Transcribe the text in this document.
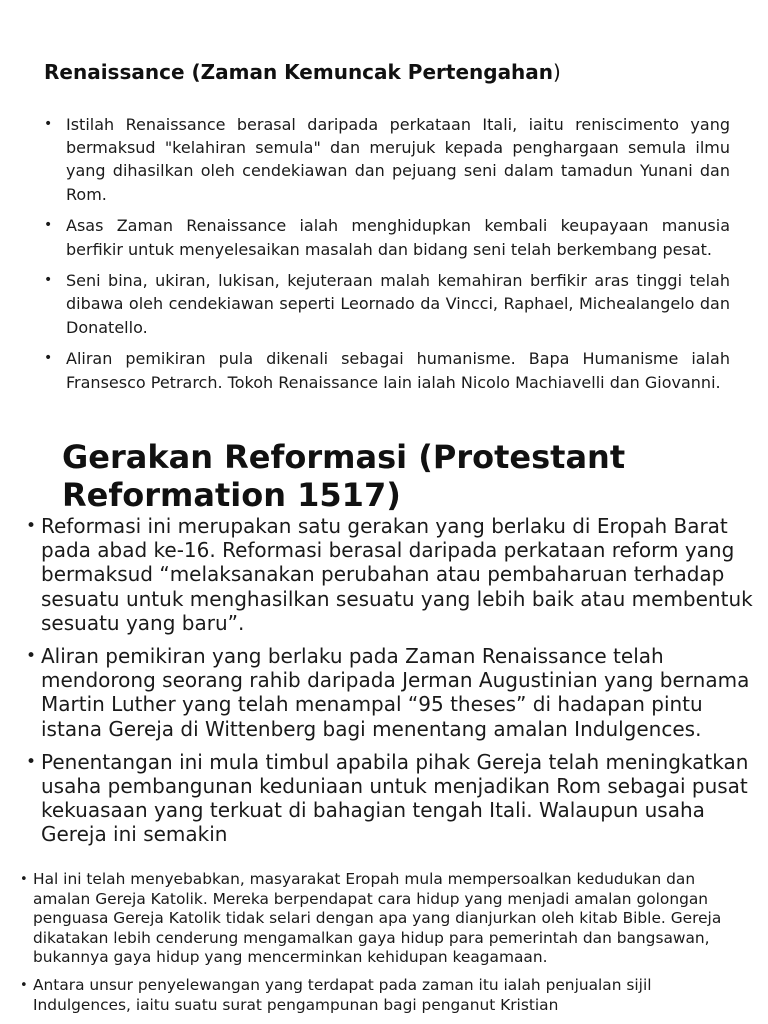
Renaissance (Zaman Kemuncak Pertengahan)
• Istilah Renaissance berasal daripada perkataan Itali, iaitu reniscimento yang bermaksud "kelahiran semula" dan merujuk kepada penghargaan semula ilmu yang dihasilkan oleh cendekiawan dan pejuang seni dalam tamadun Yunani dan Rom.
• Asas Zaman Renaissance ialah menghidupkan kembali keupayaan manusia berfikir untuk menyelesaikan masalah dan bidang seni telah berkembang pesat.
• Seni bina, ukiran, lukisan, kejuteraan malah kemahiran berfikir aras tinggi telah dibawa oleh cendekiawan seperti Leornado da Vincci, Raphael, Michealangelo dan Donatello.
• Aliran pemikiran pula dikenali sebagai humanisme. Bapa Humanisme ialah Fransesco Petrarch. Tokoh Renaissance lain ialah Nicolo Machiavelli dan Giovanni.
Gerakan Reformasi (Protestant Reformation 1517)
• Reformasi ini merupakan satu gerakan yang berlaku di Eropah Barat pada abad ke-16. Reformasi berasal daripada perkataan reform yang bermaksud “melaksanakan perubahan atau pembaharuan terhadap sesuatu untuk menghasilkan sesuatu yang lebih baik atau membentuk sesuatu yang baru”.
• Aliran pemikiran yang berlaku pada Zaman Renaissance telah mendorong seorang rahib daripada Jerman Augustinian yang bernama Martin Luther yang telah menampal “95 theses” di hadapan pintu istana Gereja di Wittenberg bagi menentang amalan Indulgences.
• Penentangan ini mula timbul apabila pihak Gereja telah meningkatkan usaha pembangunan keduniaan untuk menjadikan Rom sebagai pusat kekuasaan yang terkuat di bahagian tengah Itali. Walaupun usaha Gereja ini semakin
• Hal ini telah menyebabkan, masyarakat Eropah mula mempersoalkan kedudukan dan amalan Gereja Katolik. Mereka berpendapat cara hidup yang menjadi amalan golongan penguasa Gereja Katolik tidak selari dengan apa yang dianjurkan oleh kitab Bible. Gereja dikatakan lebih cenderung mengamalkan gaya hidup para pemerintah dan bangsawan, bukannya gaya hidup yang mencerminkan kehidupan keagamaan.
• Antara unsur penyelewangan yang terdapat pada zaman itu ialah penjualan sijil Indulgences, iaitu suatu surat pengampunan bagi penganut Kristian
